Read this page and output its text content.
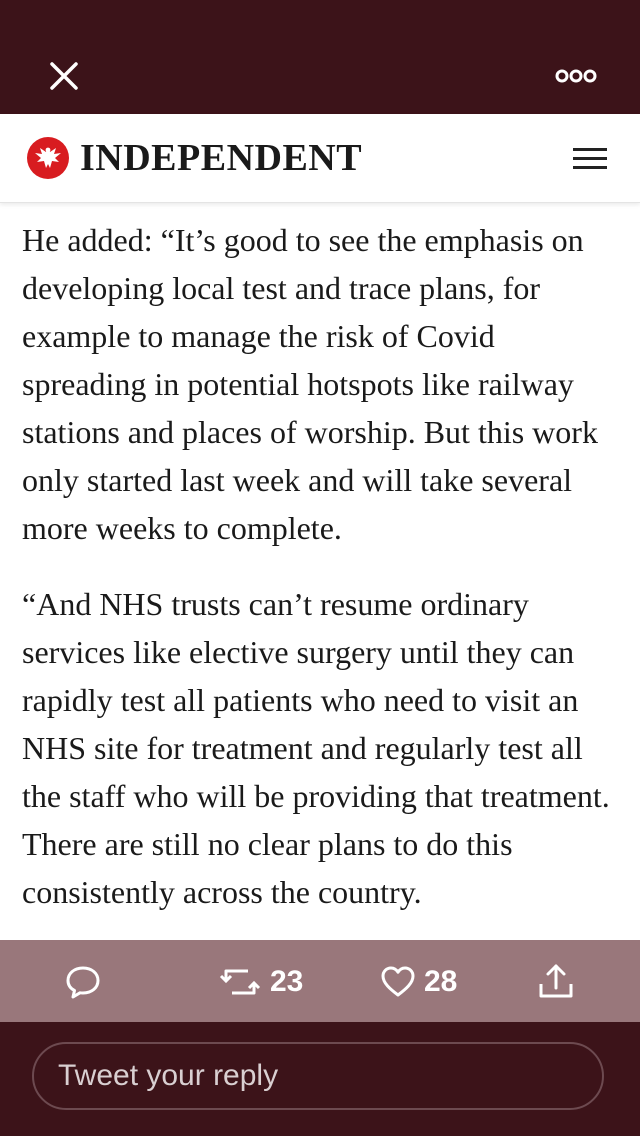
INDEPENDENT

He added: “It’s good to see the emphasis on developing local test and trace plans, for example to manage the risk of Covid spreading in potential hotspots like railway stations and places of worship. But this work only started last week and will take several more weeks to complete.

“And NHS trusts can’t resume ordinary services like elective surgery until they can rapidly test all patients who need to visit an NHS site for treatment and regularly test all the staff who will be providing that treatment. There are still no clear plans to do this consistently across the country.

23	28
Tweet your reply
